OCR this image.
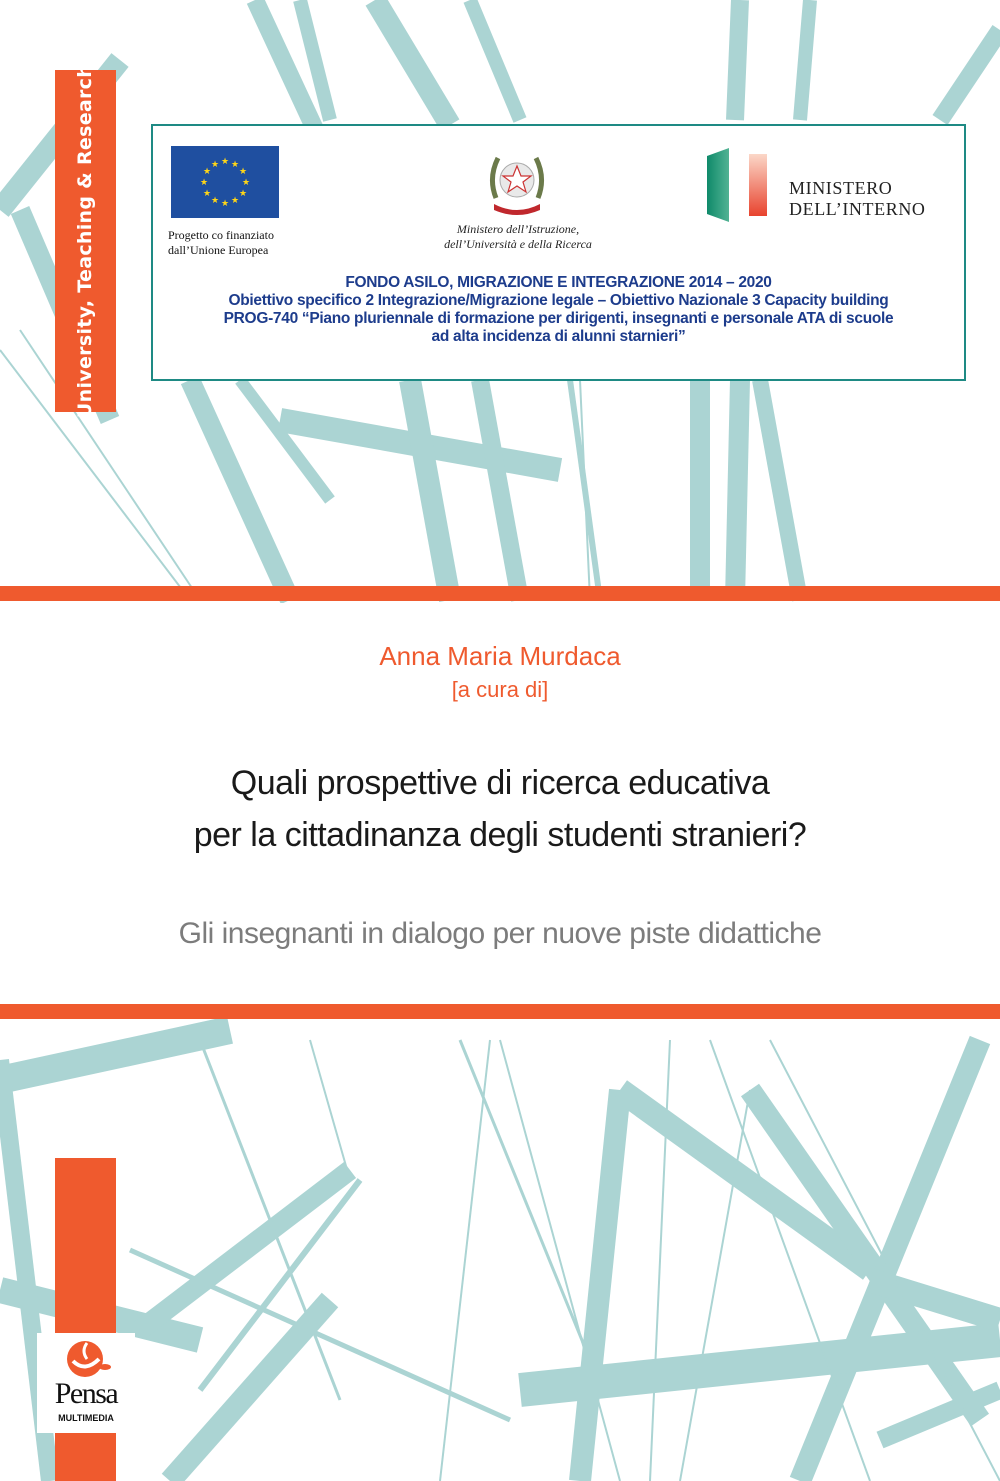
University, Teaching & Research	★ ★
★
★
★
★
★
★
★
★
★
★
Progetto co finanziato
dall’Unione Europea
Ministero dell’Istruzione,
dell’Università e della Ricerca
MINISTERO
DELL’INTERNO
FONDO ASILO, MIGRAZIONE E INTEGRAZIONE 2014 – 2020
Obiettivo specifico 2 Integrazione/Migrazione legale – Obiettivo Nazionale 3 Capacity building
PROG-740 “Piano pluriennale di formazione per dirigenti, insegnanti e personale ATA di scuole
ad alta incidenza di alunni starnieri”
Anna Maria Murdaca
[a cura di]
Quali prospettive di ricerca educativa
per la cittadinanza degli studenti stranieri?
Gli insegnanti in dialogo per nuove piste didattiche
Pensa
MULTIMEDIA
